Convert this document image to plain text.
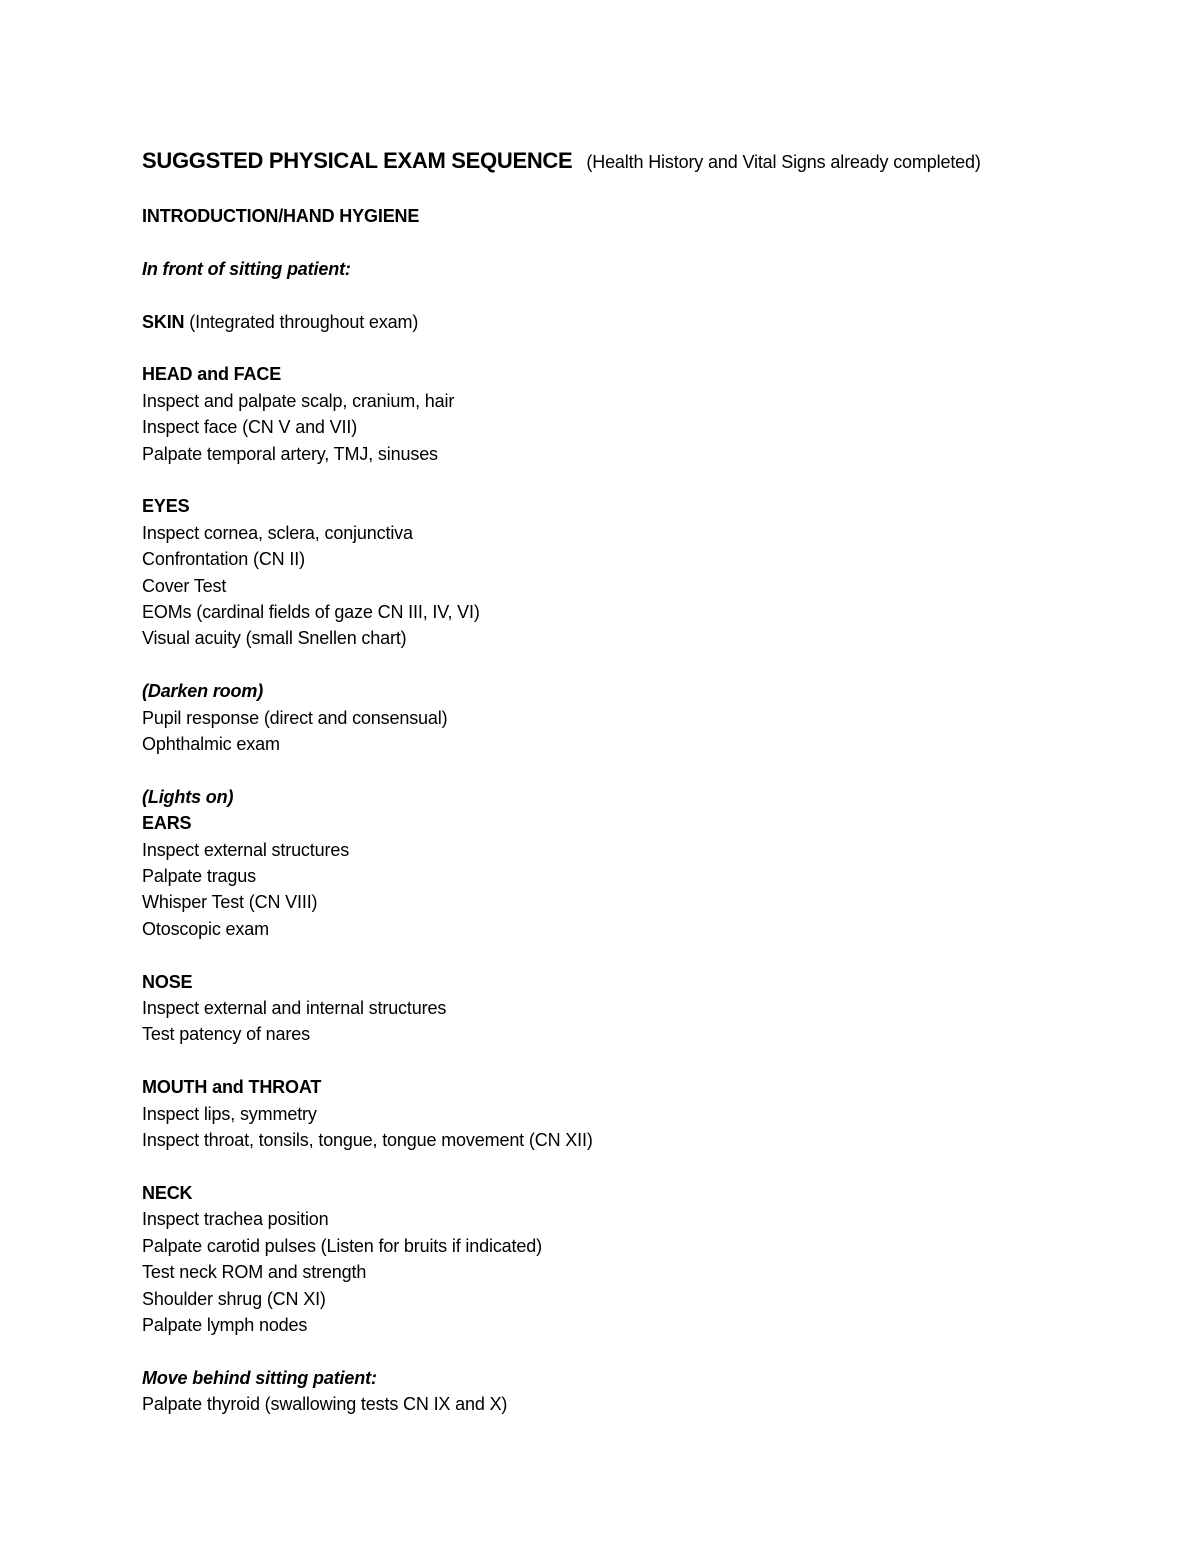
SUGGSTED PHYSICAL EXAM SEQUENCE (Health History and Vital Signs already completed)
INTRODUCTION/HAND HYGIENE
In front of sitting patient:
SKIN (Integrated throughout exam)
HEAD and FACE
Inspect and palpate scalp, cranium, hair
Inspect face (CN V and VII)
Palpate temporal artery, TMJ, sinuses
EYES
Inspect cornea, sclera, conjunctiva
Confrontation (CN II)
Cover Test
EOMs (cardinal fields of gaze CN III, IV, VI)
Visual acuity (small Snellen chart)
(Darken room)
Pupil response (direct and consensual)
Ophthalmic exam
(Lights on)
EARS
Inspect external structures
Palpate tragus
Whisper Test (CN VIII)
Otoscopic exam
NOSE
Inspect external and internal structures
Test patency of nares
MOUTH and THROAT
Inspect lips, symmetry
Inspect throat, tonsils, tongue, tongue movement (CN XII)
NECK
Inspect trachea position
Palpate carotid pulses (Listen for bruits if indicated)
Test neck ROM and strength
Shoulder shrug (CN XI)
Palpate lymph nodes
Move behind sitting patient:
Palpate thyroid (swallowing tests CN IX and X)
